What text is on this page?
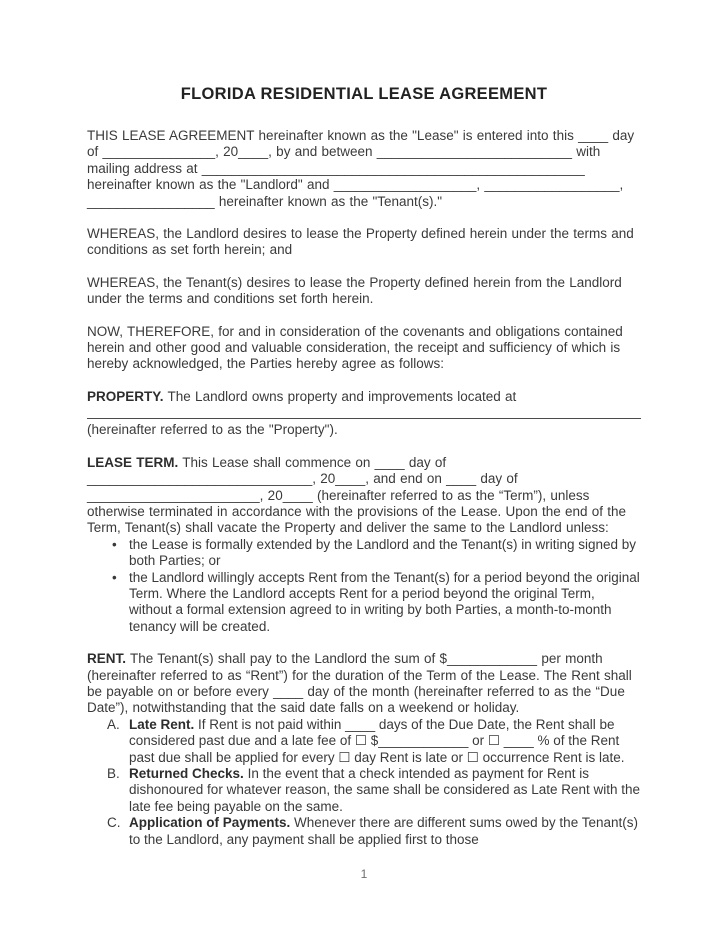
FLORIDA RESIDENTIAL LEASE AGREEMENT

THIS LEASE AGREEMENT hereinafter known as the "Lease" is entered into this ____ day of _______________, 20____, by and between __________________________ with mailing address at ___________________________________________________ hereinafter known as the "Landlord" and ___________________, __________________, _________________ hereinafter known as the "Tenant(s)."

WHEREAS, the Landlord desires to lease the Property defined herein under the terms and conditions as set forth herein; and

WHEREAS, the Tenant(s) desires to lease the Property defined herein from the Landlord under the terms and conditions set forth herein.

NOW, THEREFORE, for and in consideration of the covenants and obligations contained herein and other good and valuable consideration, the receipt and sufficiency of which is hereby acknowledged, the Parties hereby agree as follows:

PROPERTY. The Landlord owns property and improvements located at

(hereinafter referred to as the "Property").

LEASE TERM. This Lease shall commence on ____ day of ______________________________, 20____, and end on ____ day of _______________________, 20____ (hereinafter referred to as the “Term”), unless otherwise terminated in accordance with the provisions of the Lease. Upon the end of the Term, Tenant(s) shall vacate the Property and deliver the same to the Landlord unless:

• the Lease is formally extended by the Landlord and the Tenant(s) in writing signed by both Parties; or
• the Landlord willingly accepts Rent from the Tenant(s) for a period beyond the original Term. Where the Landlord accepts Rent for a period beyond the original Term, without a formal extension agreed to in writing by both Parties, a month-to-month tenancy will be created.

RENT. The Tenant(s) shall pay to the Landlord the sum of $____________ per month (hereinafter referred to as “Rent”) for the duration of the Term of the Lease. The Rent shall be payable on or before every ____ day of the month (hereinafter referred to as the “Due Date”), notwithstanding that the said date falls on a weekend or holiday.

A. Late Rent. If Rent is not paid within ____ days of the Due Date, the Rent shall be considered past due and a late fee of ☐ $____________ or ☐ ____ % of the Rent past due shall be applied for every ☐ day Rent is late or ☐ occurrence Rent is late.
B. Returned Checks. In the event that a check intended as payment for Rent is dishonoured for whatever reason, the same shall be considered as Late Rent with the late fee being payable on the same.
C. Application of Payments. Whenever there are different sums owed by the Tenant(s) to the Landlord, any payment shall be applied first to those
1
